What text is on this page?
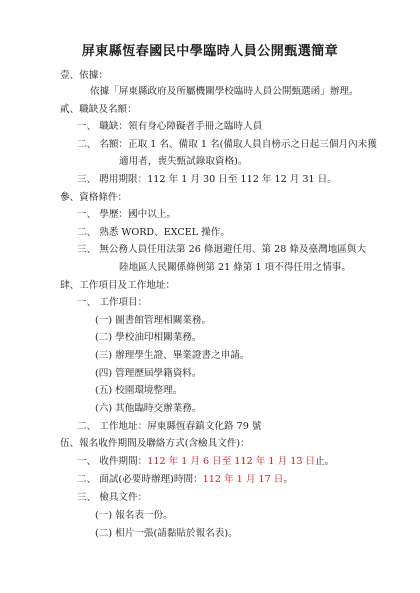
屏東縣恆春國民中學臨時人員公開甄選簡章
壹、依據：
依據「屏東縣政府及所屬機關學校臨時人員公開甄選函」辦理。
貳、職缺及名額：
一、 職缺：領有身心障礙者手冊之臨時人員
二、 名額：正取 1 名、備取 1 名(備取人員自榜示之日起三個月內未獲
適用者，喪失甄試錄取資格)。
三、 聘用期限：112 年 1 月 30 日至 112 年 12 月 31 日。
參、資格條件：
一、 學歷：國中以上。
二、 熟悉 WORD、EXCEL 操作。
三、 無公務人員任用法第 26 條迴避任用、第 28 條及臺灣地區與大
陸地區人民關係條例第 21 條第 1 項不得任用之情事。
肆、工作項目及工作地址：
一、 工作項目：
(一) 圖書館管理相關業務。
(二) 學校油印相關業務。
(三) 辦理學生證、畢業證書之申請。
(四) 管理歷屆學籍資料。
(五) 校園環境整理。
(六) 其他臨時交辦業務。
二、 工作地址：屏東縣恆春鎮文化路 79 號
伍、報名收件期間及聯絡方式(含檢具文件)：
一、 收件期間：112 年 1 月 6 日至 112 年 1 月 13 日止。
二、 面試(必要時辦理)時間：112 年 1 月 17 日。
三、 檢具文件：
(一) 報名表一份。
(二) 相片一張(請黏貼於報名表)。
